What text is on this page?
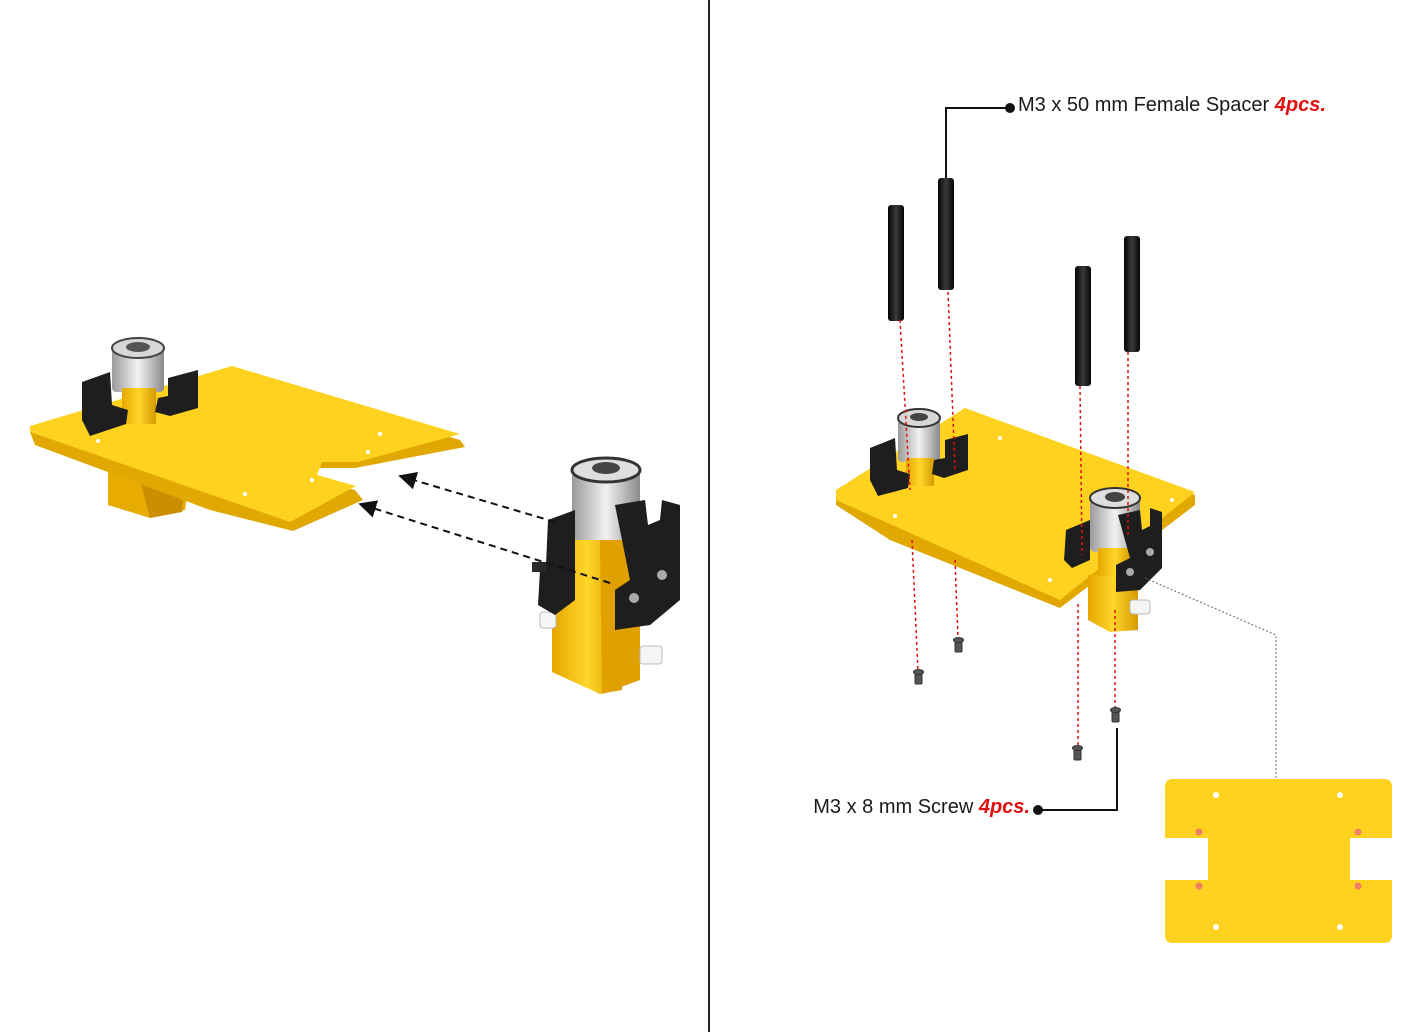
M3 x 50 mm Female Spacer 4pcs.
M3 x 8 mm Screw 4pcs.
